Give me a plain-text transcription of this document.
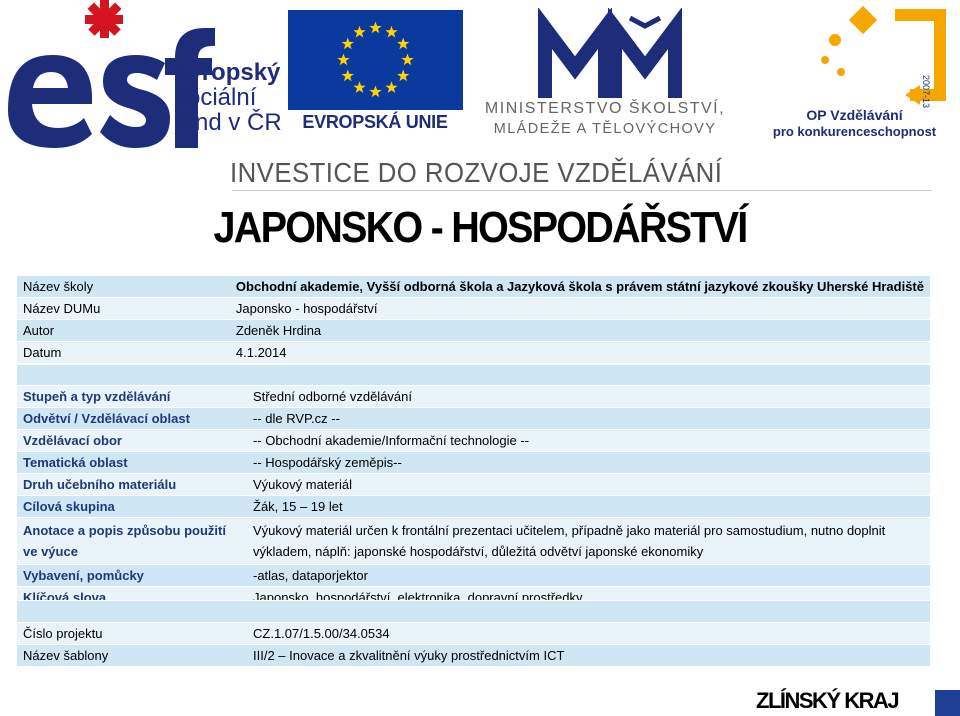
evropský
sociální
fond v ČR	EVROPSKÁ UNIE
MINISTERSTVO ŠKOLSTVÍ,
MLÁDEŽE A TĚLOVÝCHOVY
2007-13
OP Vzdělávání
pro konkurenceschopnost
INVESTICE DO ROZVOJE VZDĚLÁVÁNÍ
JAPONSKO - HOSPODÁŘSTVÍ
Název školy	Obchodní akademie, Vyšší odborná škola a Jazyková škola s právem státní jazykové zkoušky Uherské Hradiště
Název DUMu	Japonsko - hospodářství
Autor	Zdeněk Hrdina
Datum	4.1.2014

Stupeň a typ vzdělávání	Střední odborné vzdělávání
Odvětví / Vzdělávací oblast	-- dle RVP.cz --
Vzdělávací obor	-- Obchodní akademie/Informační technologie --
Tematická oblast	-- Hospodářský zeměpis--
Druh učebního materiálu	Výukový materiál
Cílová skupina	Žák, 15 – 19 let
Anotace a popis způsobu použití ve výuce	Výukový materiál určen k frontální prezentaci učitelem, případně jako materiál pro samostudium, nutno doplnit výkladem, náplň: japonské hospodářství, důležitá odvětví japonské ekonomiky
Vybavení, pomůcky	-atlas, dataporjektor
Klíčová slova	Japonsko, hospodářství, elektronika, dopravní prostředky

Číslo projektu	CZ.1.07/1.5.00/34.0534
Název šablony	III/2 – Inovace a zkvalitnění výuky prostřednictvím ICT
ZLÍNSKÝ KRAJ
